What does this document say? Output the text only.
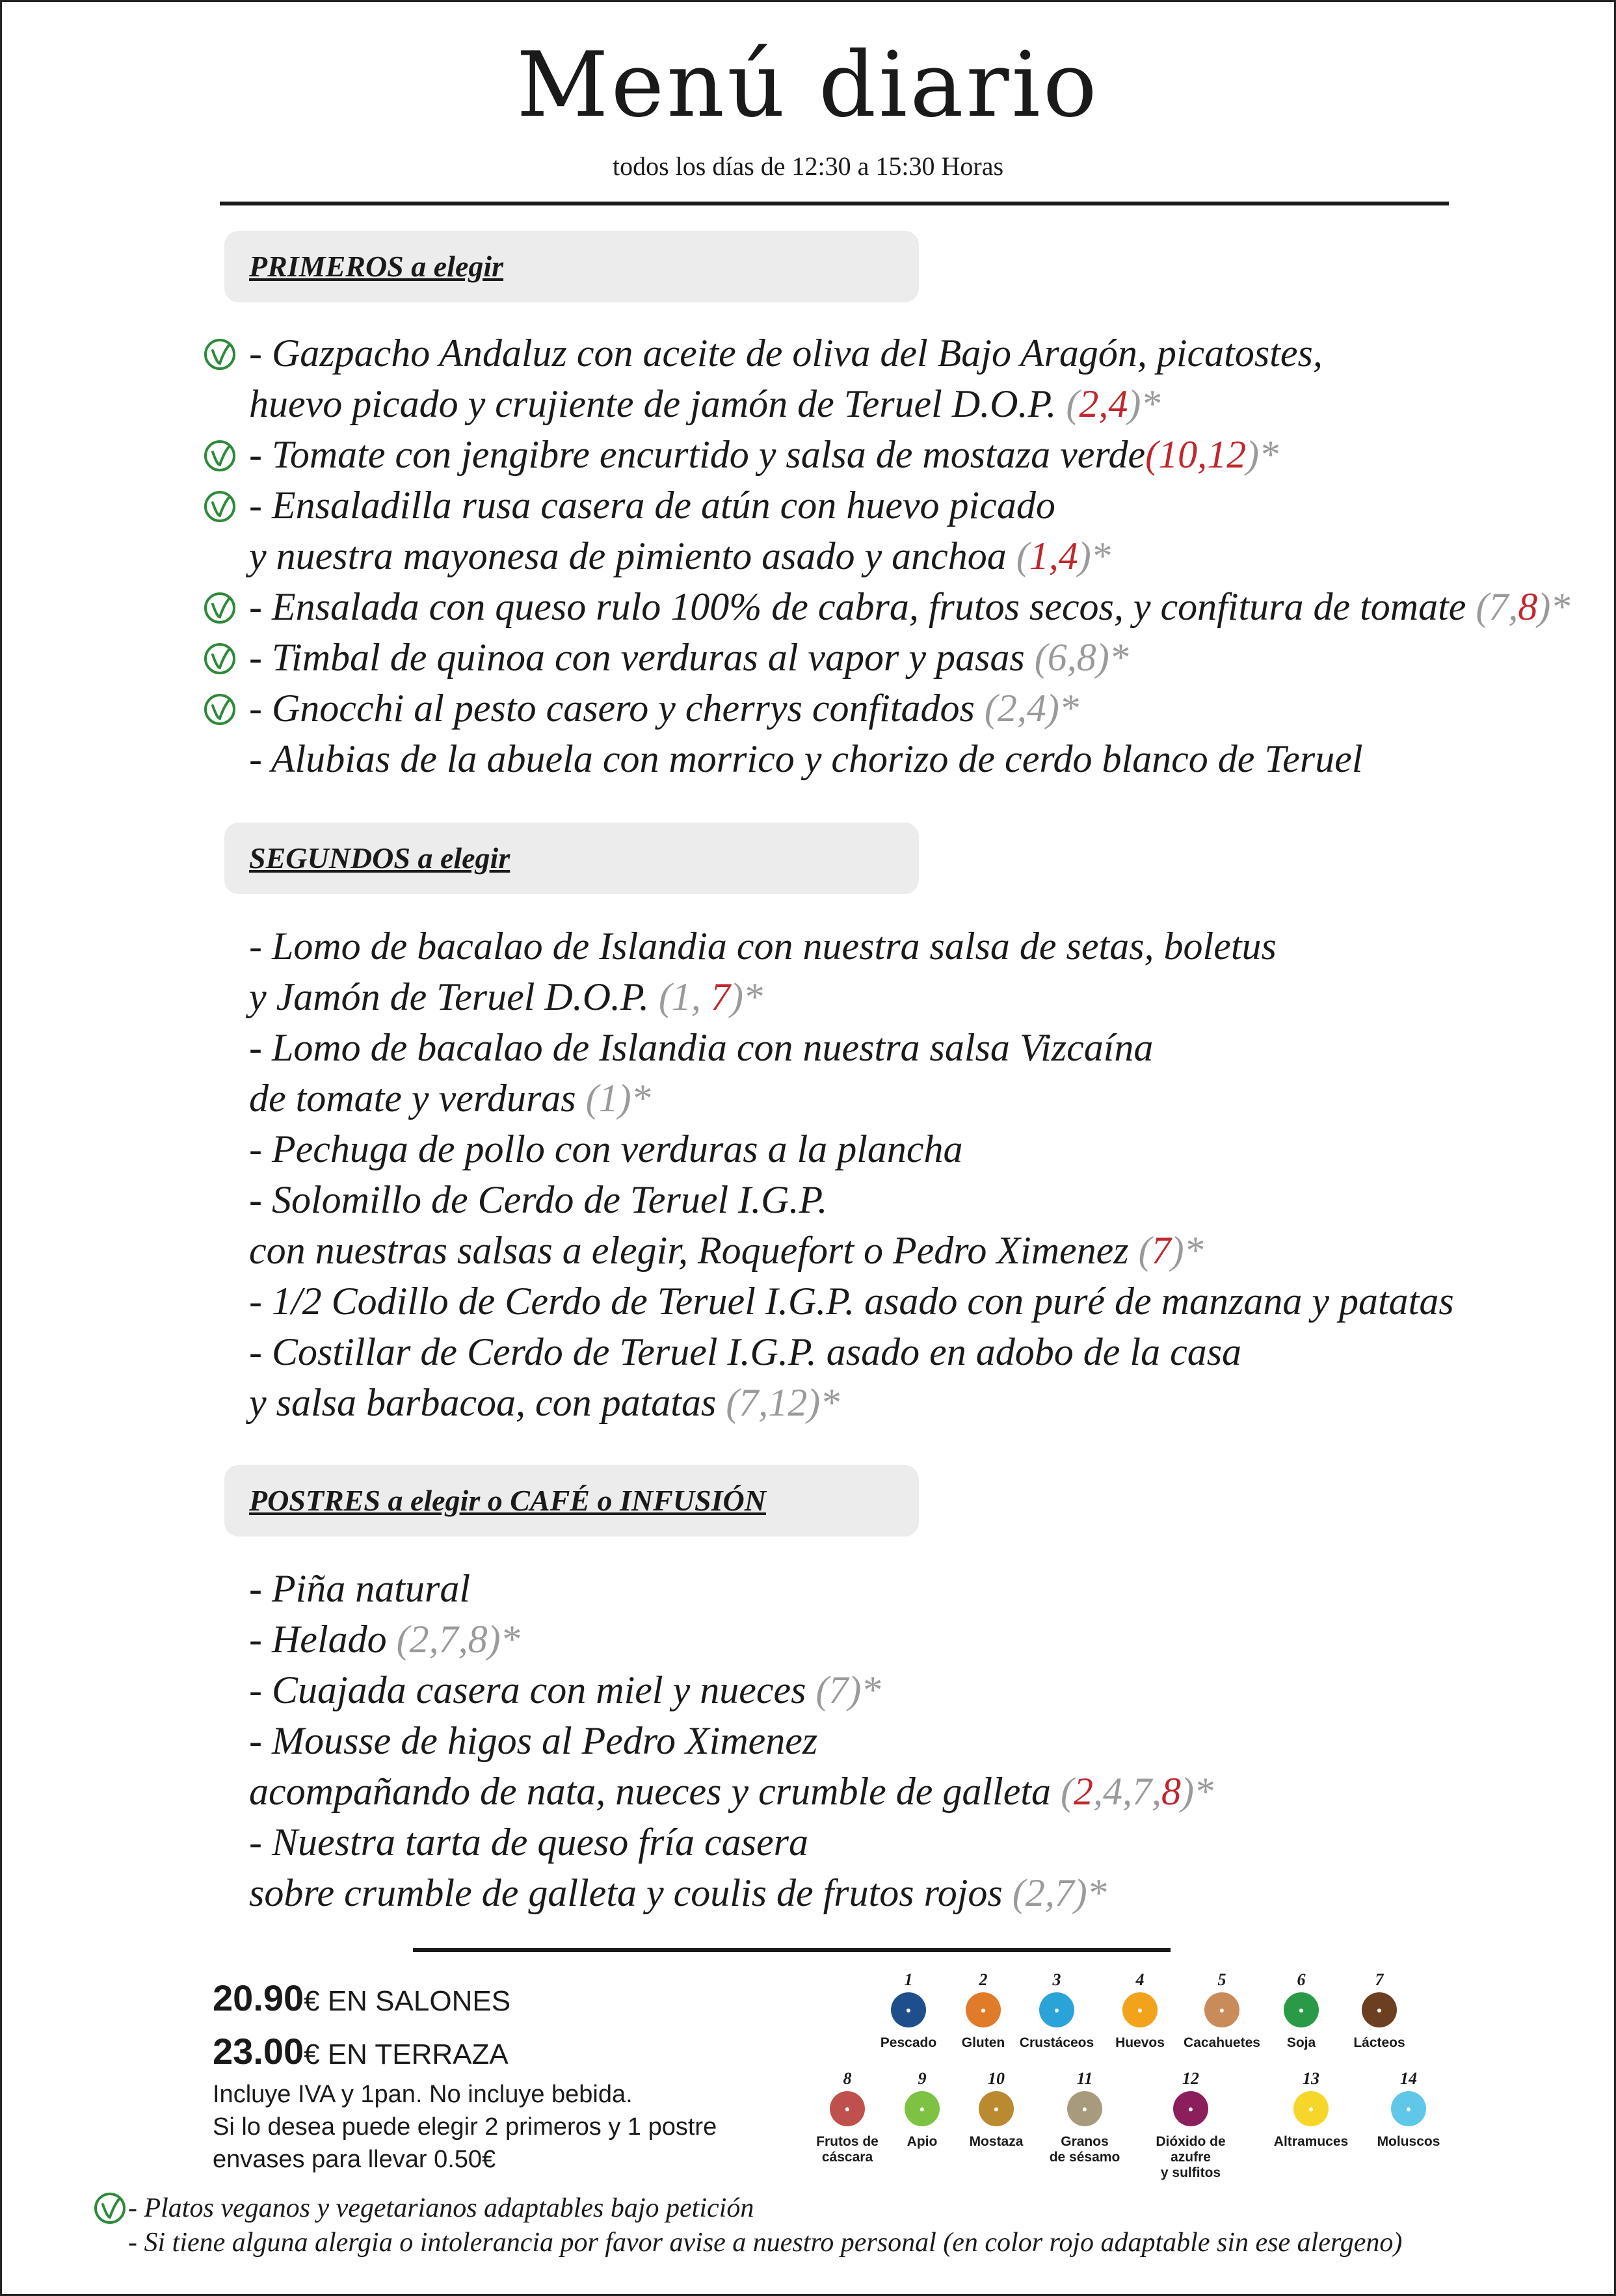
Menú diario
todos los días de 12:30 a 15:30 Horas
PRIMEROS a elegir
SEGUNDOS a elegir
POSTRES a elegir o CAFÉ o INFUSIÓN
- Gazpacho Andaluz con aceite de oliva del Bajo Aragón, picatostes,
huevo picado y crujiente de jamón de Teruel D.O.P. (2,4)*
- Tomate con jengibre encurtido y salsa de mostaza verde(10,12)*
- Ensaladilla rusa casera de atún con huevo picado
y nuestra mayonesa de pimiento asado y anchoa (1,4)*
- Ensalada con queso rulo 100% de cabra, frutos secos, y confitura de tomate (7,8)*
- Timbal de quinoa con verduras al vapor y pasas (6,8)*
- Gnocchi al pesto casero y cherrys confitados (2,4)*
- Alubias de la abuela con morrico y chorizo de cerdo blanco de Teruel
- Lomo de bacalao de Islandia con nuestra salsa de setas, boletus
y Jamón de Teruel D.O.P. (1, 7)*
- Lomo de bacalao de Islandia con nuestra salsa Vizcaína
de tomate y verduras (1)*
- Pechuga de pollo con verduras a la plancha
- Solomillo de Cerdo de Teruel I.G.P.
con nuestras salsas a elegir, Roquefort o Pedro Ximenez (7)*
- 1/2 Codillo de Cerdo de Teruel I.G.P. asado con puré de manzana y patatas
- Costillar de Cerdo de Teruel I.G.P. asado en adobo de la casa
y salsa barbacoa, con patatas (7,12)*
- Piña natural
- Helado (2,7,8)*
- Cuajada casera con miel y nueces (7)*
- Mousse de higos al Pedro Ximenez
acompañando de nata, nueces y crumble de galleta (2,4,7,8)*
- Nuestra tarta de queso fría casera
sobre crumble de galleta y coulis de frutos rojos (2,7)*
20.90€ EN SALONES
23.00€ EN TERRAZA
Incluye IVA y 1pan. No incluye bebida.
Si lo desea puede elegir 2 primeros y 1 postre
envases para llevar 0.50€
1
●
Pescado
2
●
Gluten
3
●
Crustáceos
4
●
Huevos
5
●
Cacahuetes
6
●
Soja
7
●
Lácteos
8
●
Frutos de
cáscara
9
●
Apio
10
●
Mostaza
11
●
Granos
de sésamo
12
●
Dióxido de azufre
y sulfitos
13
●
Altramuces
14
●
Moluscos
- Platos veganos y vegetarianos adaptables bajo petición
- Si tiene alguna alergia o intolerancia por favor avise a nuestro personal (en color rojo adaptable sin ese alergeno)
